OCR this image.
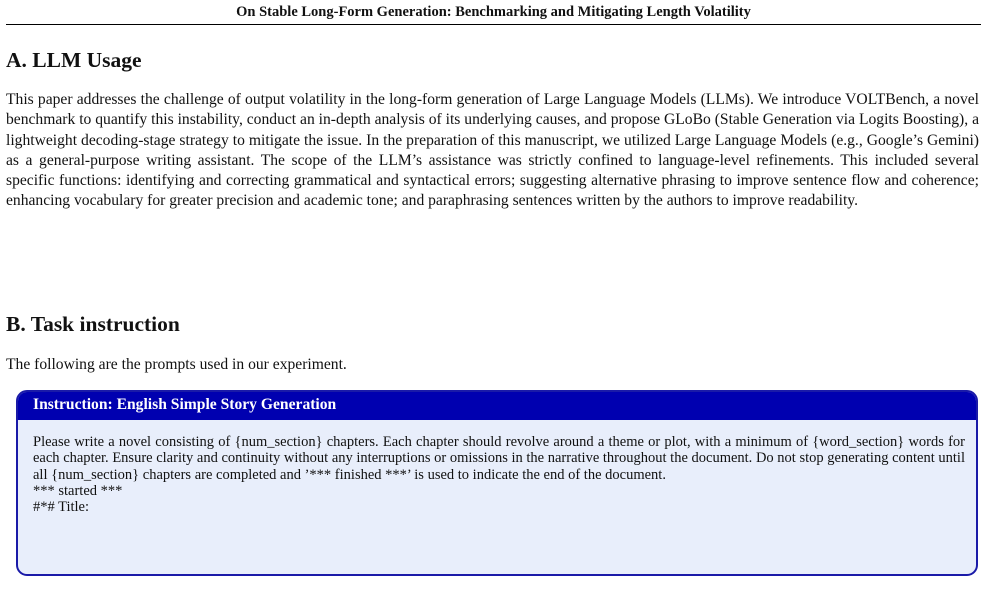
On Stable Long-Form Generation: Benchmarking and Mitigating Length Volatility
A. LLM Usage

This paper addresses the challenge of output volatility in the long-form generation of Large Language Models (LLMs). We introduce VOLTBench, a novel benchmark to quantify this instability, conduct an in-depth analysis of its underlying causes, and propose GLoBo (Stable Generation via Logits Boosting), a lightweight decoding-stage strategy to mitigate the issue. In the preparation of this manuscript, we utilized Large Language Models (e.g., Google’s Gemini) as a general-purpose writing assistant. The scope of the LLM’s assistance was strictly confined to language-level refinements. This included several specific functions: identifying and correcting grammatical and syntactical errors; suggesting alternative phrasing to improve sentence flow and coherence; enhancing vocabulary for greater precision and academic tone; and paraphrasing sentences written by the authors to improve readability.

B. Task instruction

The following are the prompts used in our experiment.

Instruction: English Simple Story Generation
Please write a novel consisting of {num_section} chapters. Each chapter should revolve around a theme or plot, with a minimum of {word_section} words for each chapter. Ensure clarity and continuity without any interruptions or omissions in the narrative throughout the document. Do not stop generating content until all {num_section} chapters are completed and ’*** finished ***’ is used to indicate the end of the document.
*** started ***
#*# Title:
